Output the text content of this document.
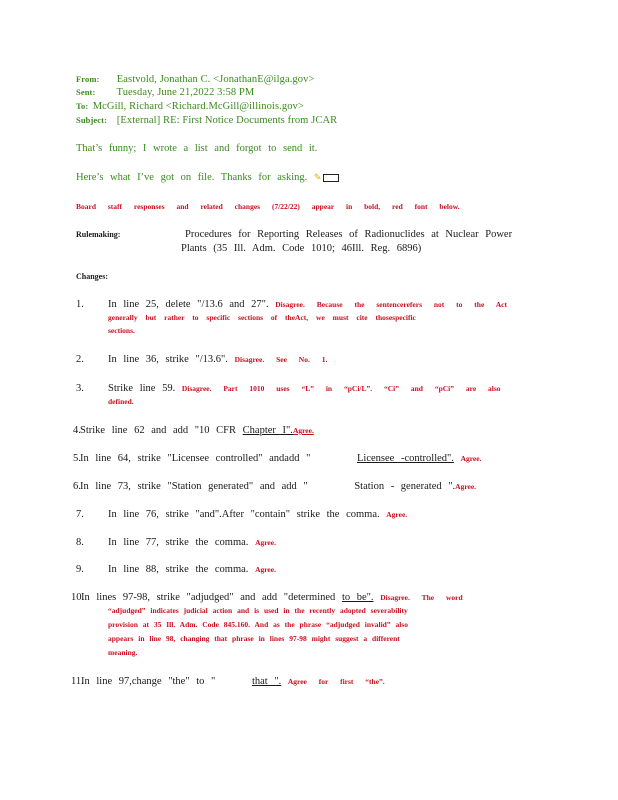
From: Eastvold, Jonathan C. <JonathanE@ilga.gov>
Sent: Tuesday, June 21,2022 3:58 PM
To: McGill, Richard <Richard.McGill@illinois.gov>
Subject: [External] RE: First Notice Documents from JCAR
That’s funny; I wrote a list and forgot to send it.
Here’s what I’ve got on file. Thanks for asking. ✎
Board staff responses and related changes (7/22/22) appear in bold, red font below.
Rulemaking:	Procedures for Reporting Releases of Radionuclides at Nuclear Power
Plants (35 Ill. Adm. Code 1010; 46Ill. Reg. 6896)
Changes:
1. In line 25, delete "/13.6 and 27". Disagree. Because the sentencerefers not to the Act
generally but rather to specific sections of theAct, we must cite thosespecific
sections.
2. In line 36, strike "/13.6". Disagree. See No. 1.
3. Strike line 59. Disagree. Part 1010 uses “L” in “pCi/L”. “Ci” and “pCi” are also
defined.
4. Strike line 62 and add "10 CFR Chapter I".Agree.
5. In line 64, strike "Licensee controlled" andadd "	Licensee -controlled". Agree.
6. In line 73, strike "Station generated" and add "	Station - generated ".Agree.
7. In line 76, strike "and".After "contain" strike the comma. Agree.
8. In line 77, strike the comma. Agree.
9. In line 88, strike the comma. Agree.
10.
In lines 97-98, strike "adjudged" and add "determined to be". Disagree. The word
“adjudged” indicates judicial action and is used in the recently adopted severability
provision at 35 Ill. Adm. Code 845.160. And as the phrase “adjudged invalid” also
appears in line 98, changing that phrase in lines 97-98 might suggest a different
meaning.
11.
In line 97,change "the" to "	that ". Agree for first “the”.
